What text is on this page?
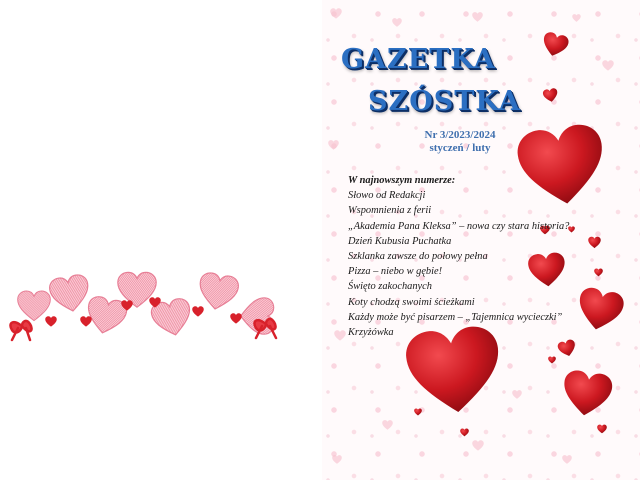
GAZETKA
SZÓSTKA
Nr 3/2023/2024
styczeń / luty
W najnowszym numerze:
Słowo od Redakcji
Wspomnienia z ferii
„Akademia Pana Kleksa” – nowa czy stara historia?
Dzień Kubusia Puchatka
Szklanka zawsze do połowy pełna
Pizza – niebo w gębie!
Święto zakochanych
Koty chodzą swoimi ścieżkami
Każdy może być pisarzem – „Tajemnica wycieczki”
Krzyżówka
